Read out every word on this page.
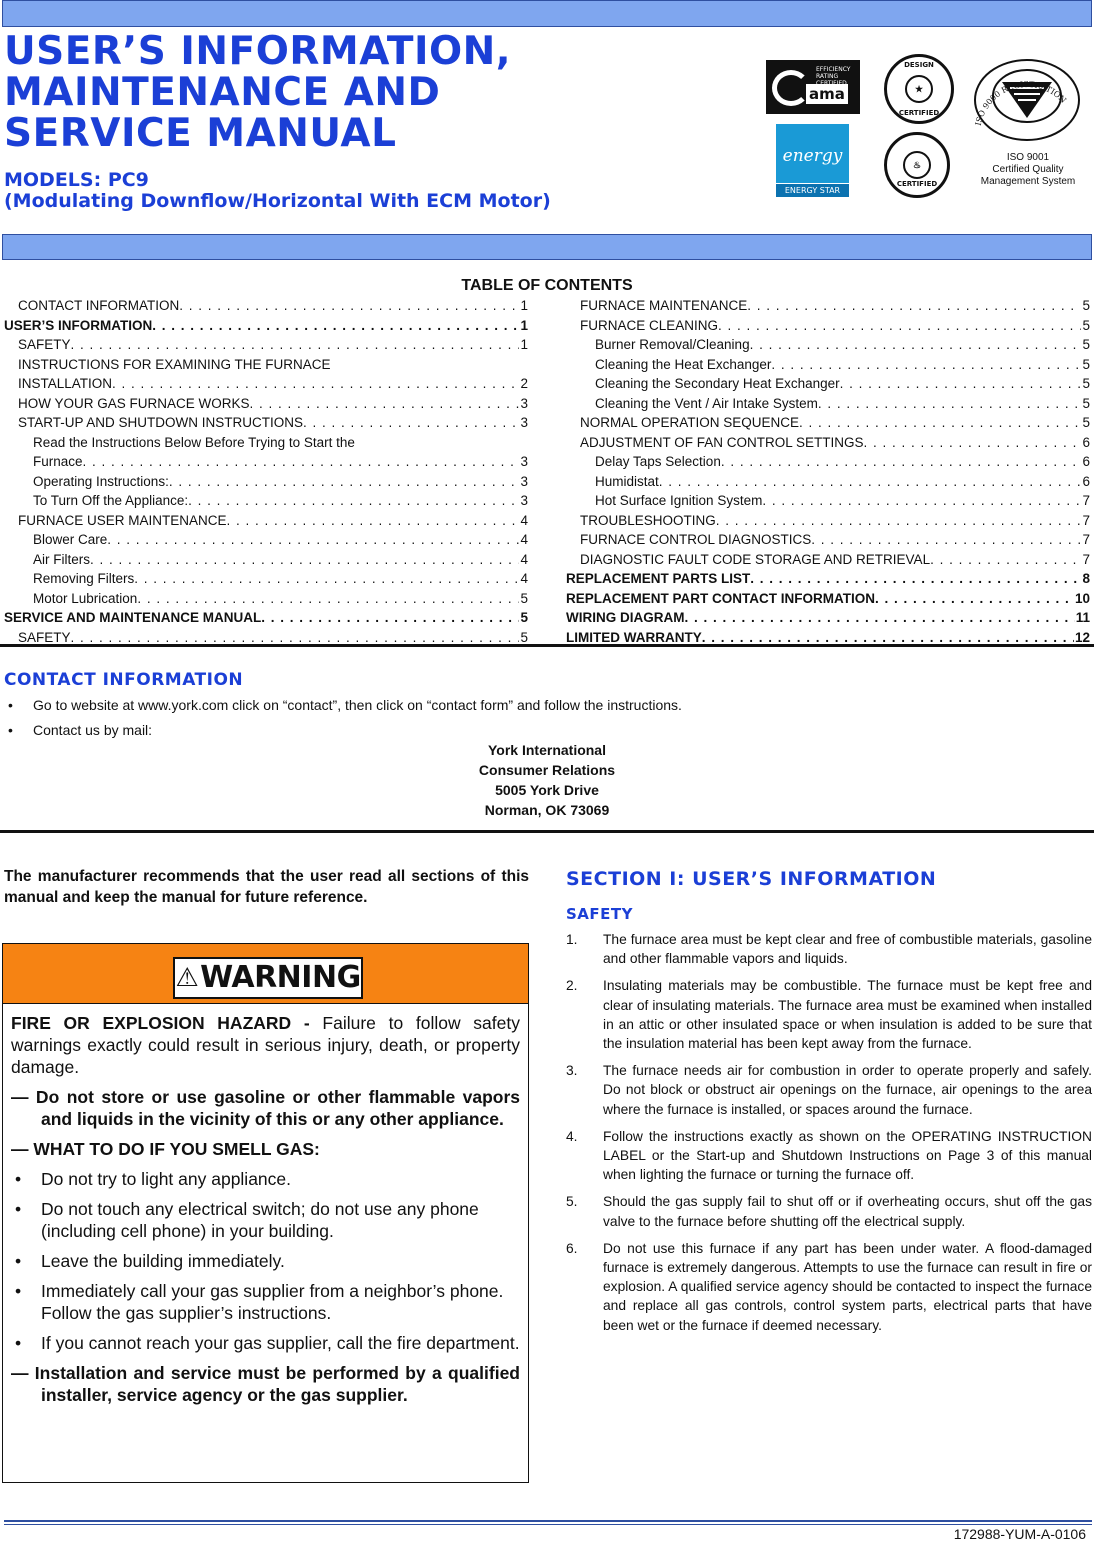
USER’S INFORMATION,
MAINTENANCE AND
SERVICE MANUAL
MODELS: PC9
(Modulating Downflow/Horizontal With ECM Motor)
EFFICIENCY
RATING
ama
energy
ENERGY STAR
DESIGN
★
CERTIFIED
♨
CERTIFIED
ISO 9000 REGISTRATION
ISO 9001
Certified Quality
Management System
TABLE OF CONTENTS
CONTACT INFORMATION . . .	1
USER’S INFORMATION . . .	1
SAFETY . . .	1
INSTRUCTIONS FOR EXAMINING THE FURNACE
INSTALLATION . . .	2
HOW YOUR GAS FURNACE WORKS . . .	3
START-UP AND SHUTDOWN INSTRUCTIONS . . .	3
Read the Instructions Below Before Trying to Start the
Furnace . . .	3
Operating Instructions: . . .	3
To Turn Off the Appliance: . . .	3
FURNACE USER MAINTENANCE . . .	4
Blower Care . . .	4
Air Filters . . .	4
Removing Filters . . .	4
Motor Lubrication . . .	5
SERVICE AND MAINTENANCE MANUAL . . .	5
SAFETY . . .	5
FURNACE MAINTENANCE . . .	5
FURNACE CLEANING . . .	5
Burner Removal/Cleaning . . .	5
Cleaning the Heat Exchanger . . .	5
Cleaning the Secondary Heat Exchanger . . .	5
Cleaning the Vent / Air Intake System . . .	5
NORMAL OPERATION SEQUENCE . . .	5
ADJUSTMENT OF FAN CONTROL SETTINGS . . .	6
Delay Taps Selection . . .	6
Humidistat . . .	6
Hot Surface Ignition System . . .	7
TROUBLESHOOTING . . .	7
FURNACE CONTROL DIAGNOSTICS . . .	7
DIAGNOSTIC FAULT CODE STORAGE AND RETRIEVAL . . .	7
REPLACEMENT PARTS LIST . . .	8
REPLACEMENT PART CONTACT INFORMATION . . .	10
WIRING DIAGRAM . . .	11
LIMITED WARRANTY . . .	12
CONTACT INFORMATION
• Go to website at www.york.com click on “contact”, then click on “contact form” and follow the instructions.
• Contact us by mail:
York International
Consumer Relations
5005 York Drive
Norman, OK 73069
The manufacturer recommends that the user read all sections of this manual and keep the manual for future reference.
⚠WARNING

FIRE OR EXPLOSION HAZARD - Failure to follow safety warnings exactly could result in serious injury, death, or property damage.

— Do not store or use gasoline or other flammable vapors and liquids in the vicinity of this or any other appliance.

— WHAT TO DO IF YOU SMELL GAS:

• Do not try to light any appliance.

• Do not touch any electrical switch; do not use any phone (including cell phone) in your building.

• Leave the building immediately.

• Immediately call your gas supplier from a neighbor’s phone. Follow the gas supplier’s instructions.

• If you cannot reach your gas supplier, call the fire department.

— Installation and service must be performed by a qualified installer, service agency or the gas supplier.

SECTION I: USER’S INFORMATION
SAFETY
1. The furnace area must be kept clear and free of combustible materials, gasoline and other flammable vapors and liquids.
2. Insulating materials may be combustible. The furnace must be kept free and clear of insulating materials. The furnace area must be examined when installed in an attic or other insulated space or when insulation is added to be sure that the insulation material has been kept away from the furnace.
3. The furnace needs air for combustion in order to operate properly and safely. Do not block or obstruct air openings on the furnace, air openings to the area where the furnace is installed, or spaces around the furnace.
4. Follow the instructions exactly as shown on the OPERATING INSTRUCTION LABEL or the Start-up and Shutdown Instructions on Page 3 of this manual when lighting the furnace or turning the furnace off.
5. Should the gas supply fail to shut off or if overheating occurs, shut off the gas valve to the furnace before shutting off the electrical supply.
6. Do not use this furnace if any part has been under water. A flood-damaged furnace is extremely dangerous. Attempts to use the furnace can result in fire or explosion. A qualified service agency should be contacted to inspect the furnace and replace all gas controls, control system parts, electrical parts that have been wet or the furnace if deemed necessary.
172988-YUM-A-0106
